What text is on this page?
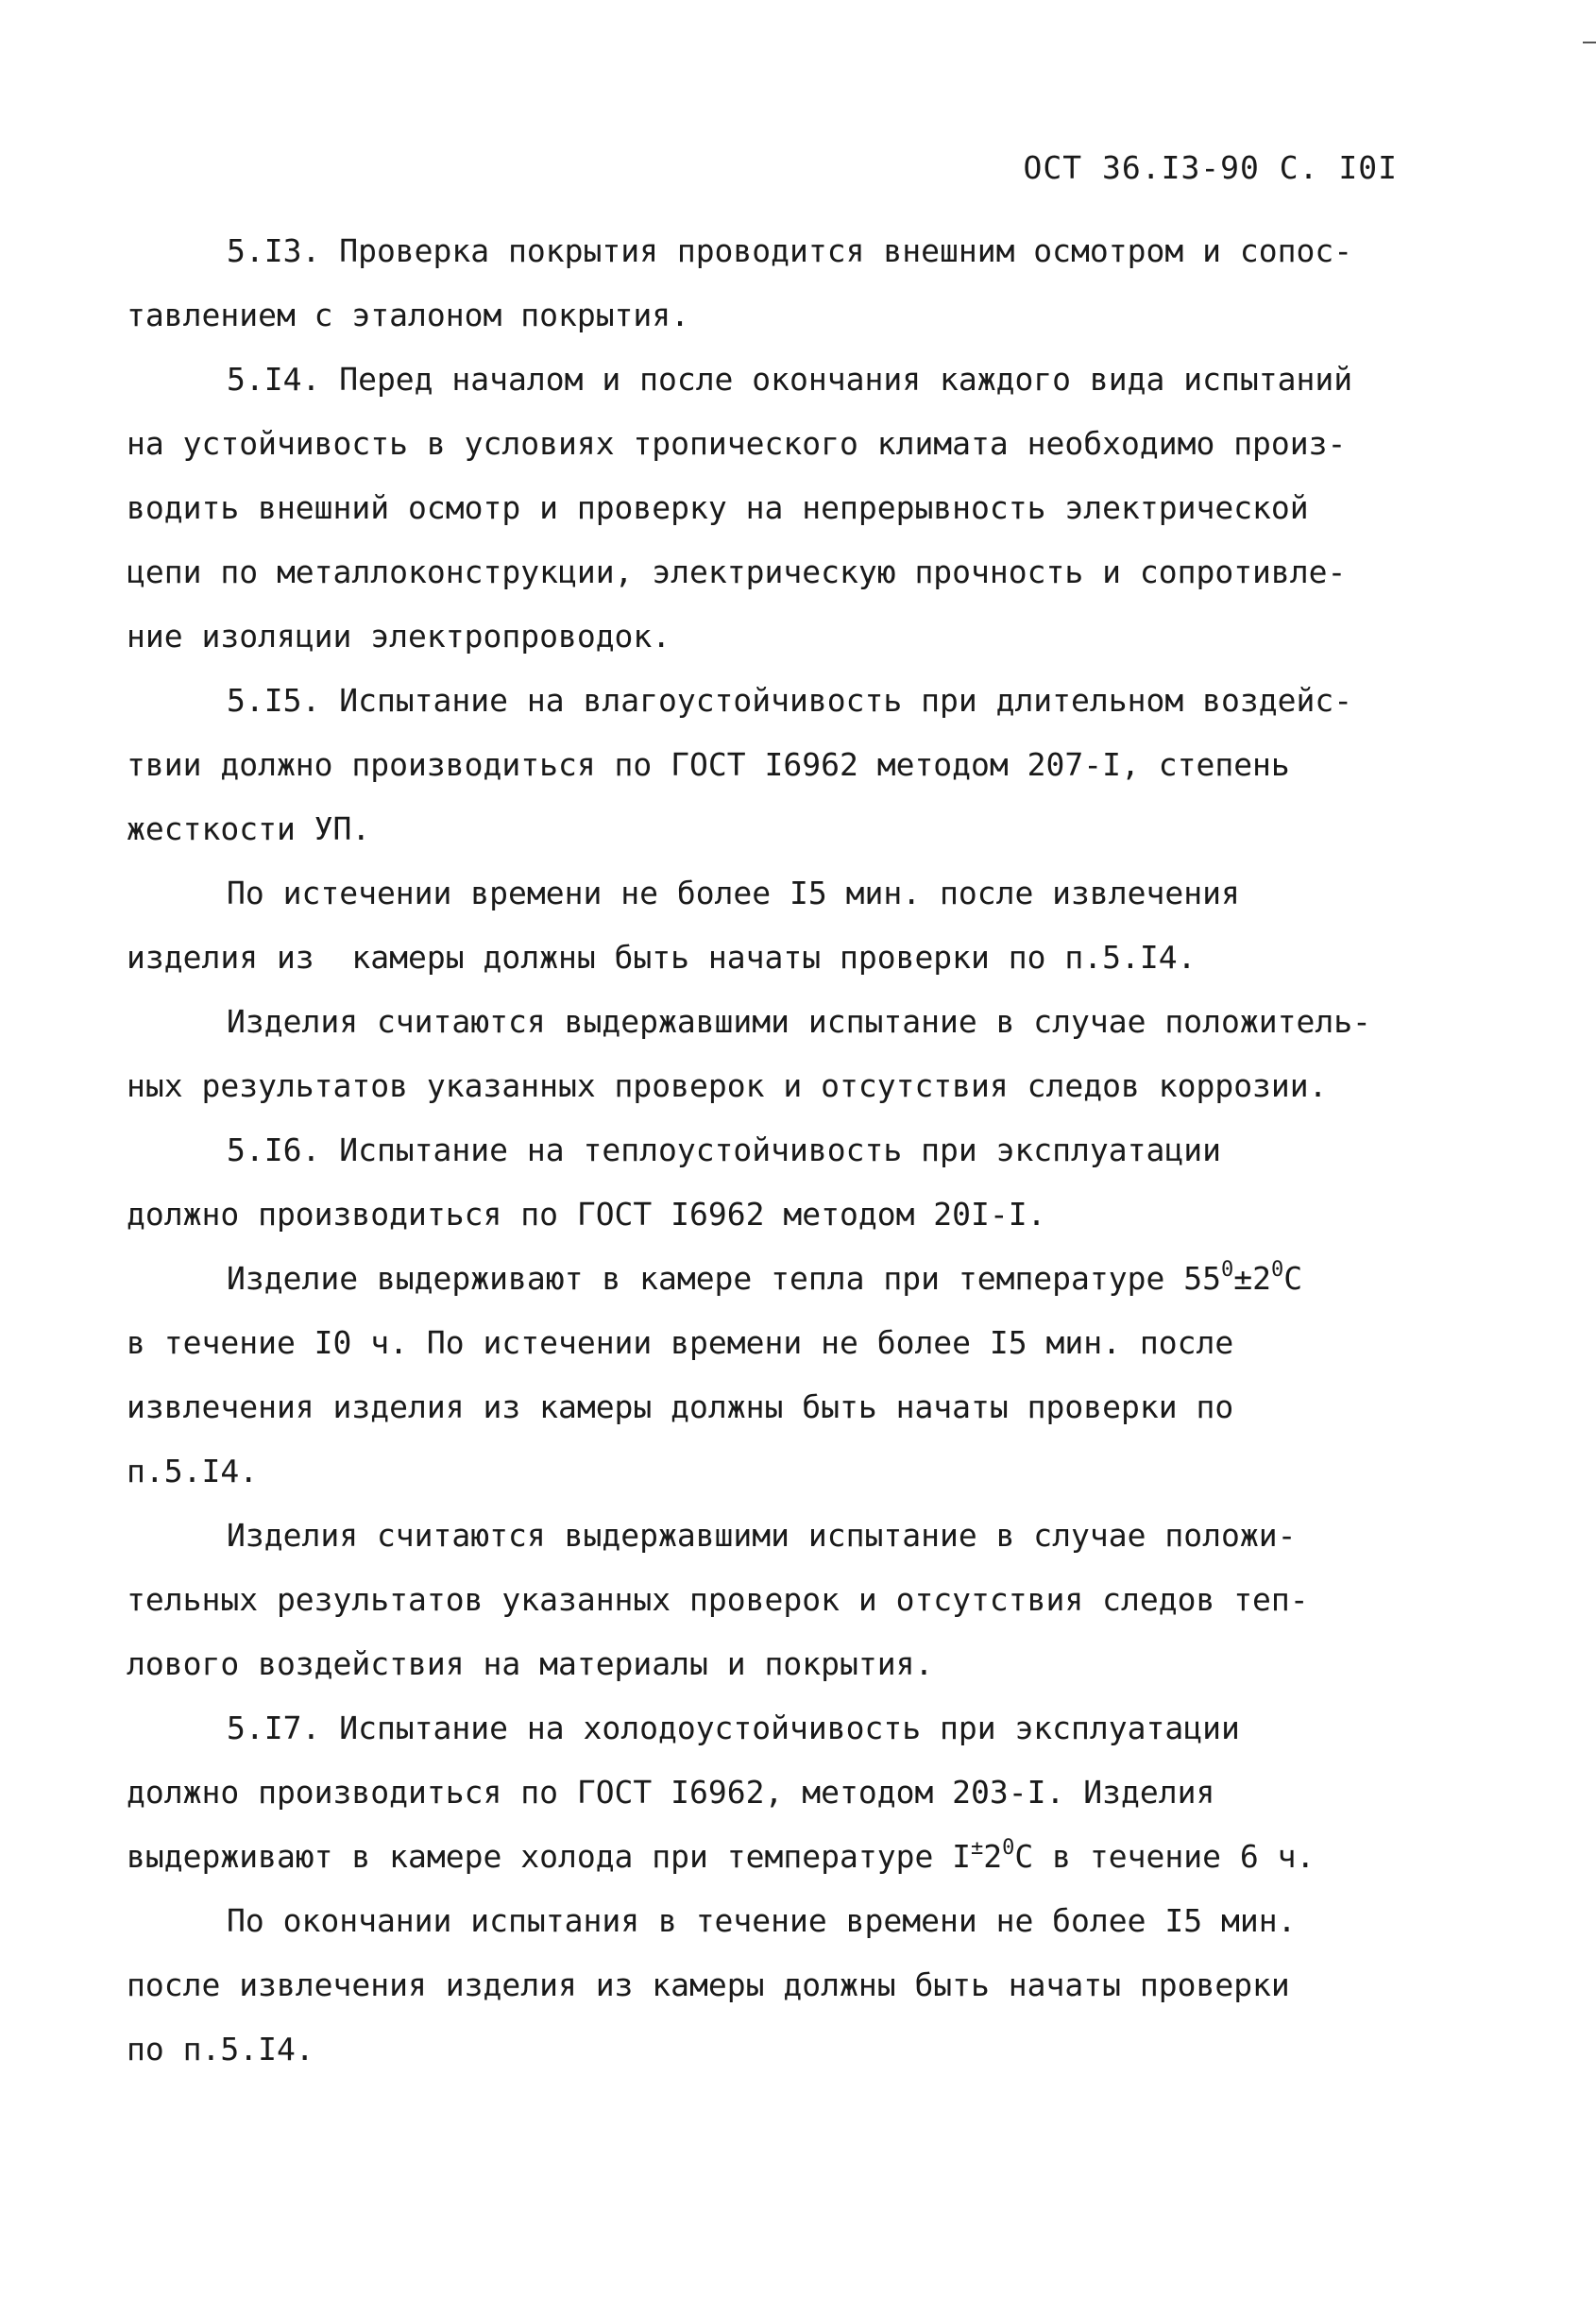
ОСТ 36.I3-90 С. I0I

5.I3. Проверка покрытия проводится внешним осмотром и сопос-

тавлением с эталоном покрытия.

5.I4. Перед началом и после окончания каждого вида испытаний

на устойчивость в условиях тропического климата необходимо произ-

водить внешний осмотр и проверку на непрерывность электрической

цепи по металлоконструкции, электрическую прочность и сопротивле-

ние изоляции электропроводок.

5.I5. Испытание на влагоустойчивость при длительном воздейс-

твии должно производиться по ГОСТ I6962 методом 207-I, степень

жесткости УП.

По истечении времени не более I5 мин. после извлечения

изделия из  камеры должны быть начаты проверки по п.5.I4.

Изделия считаются выдержавшими испытание в случае положитель-

ных результатов указанных проверок и отсутствия следов коррозии.

5.I6. Испытание на теплоустойчивость при эксплуатации

должно производиться по ГОСТ I6962 методом 20I-I.

Изделие выдерживают в камере тепла при температуре $55^0\pm 2^0С$

в течение I0 ч. По истечении времени не более I5 мин. после

извлечения изделия из камеры должны быть начаты проверки по

п.5.I4.

Изделия считаются выдержавшими испытание в случае положи-

тельных результатов указанных проверок и отсутствия следов теп-

лового воздействия на материалы и покрытия.

5.I7. Испытание на холодоустойчивость при эксплуатации

должно производиться по ГОСТ I6962, методом 203-I. Изделия

выдерживают в камере холода при температуре $I^\pm 2^0С$ в течение 6 ч.

По окончании испытания в течение времени не более I5 мин.

после извлечения изделия из камеры должны быть начаты проверки

по п.5.I4.
